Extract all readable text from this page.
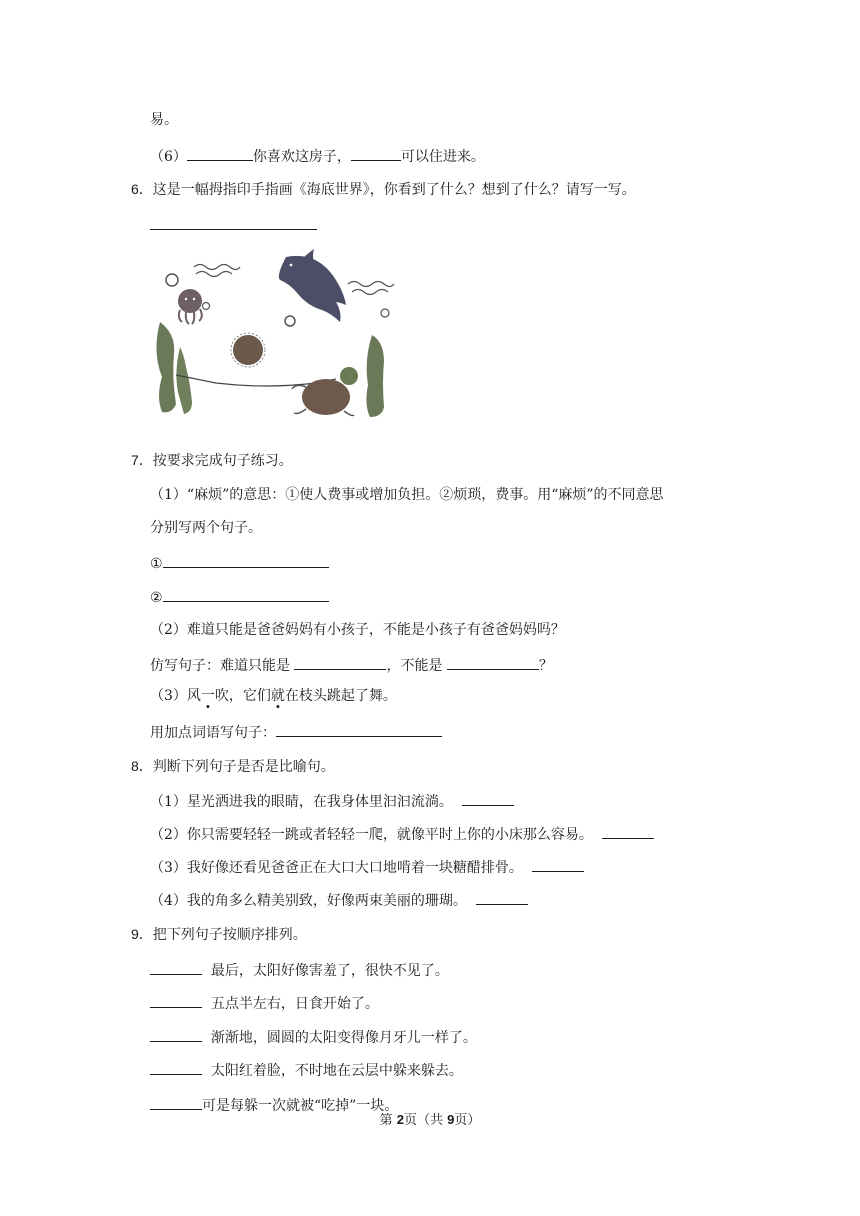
易。
（6）	你喜欢这房子，	可以住进来。
6．这是一幅拇指印手指画《海底世界》，你看到了什么？想到了什么？请写一写。
7．按要求完成句子练习。
（1）“麻烦”的意思：①使人费事或增加负担。②烦琐，费事。用“麻烦”的不同意思
分别写两个句子。
①
②
（2）难道只能是爸爸妈妈有小孩子，不能是小孩子有爸爸妈妈吗？
仿写句子：难道只能是	，不能是	？
（3）风一吹，它们就在枝头跳起了舞。
用加点词语写句子：
8．判断下列句子是否是比喻句。
（1）星光洒进我的眼睛，在我身体里汩汩流淌。
（2）你只需要轻轻一跳或者轻轻一爬，就像平时上你的小床那么容易。
（3）我好像还看见爸爸正在大口大口地啃着一块糖醋排骨。
（4）我的角多么精美别致，好像两束美丽的珊瑚。
9．把下列句子按顺序排列。
最后，太阳好像害羞了，很快不见了。
五点半左右，日食开始了。
渐渐地，圆圆的太阳变得像月牙儿一样了。
太阳红着脸，不时地在云层中躲来躲去。
可是每躲一次就被“吃掉”一块。
第 2页（共 9页）
